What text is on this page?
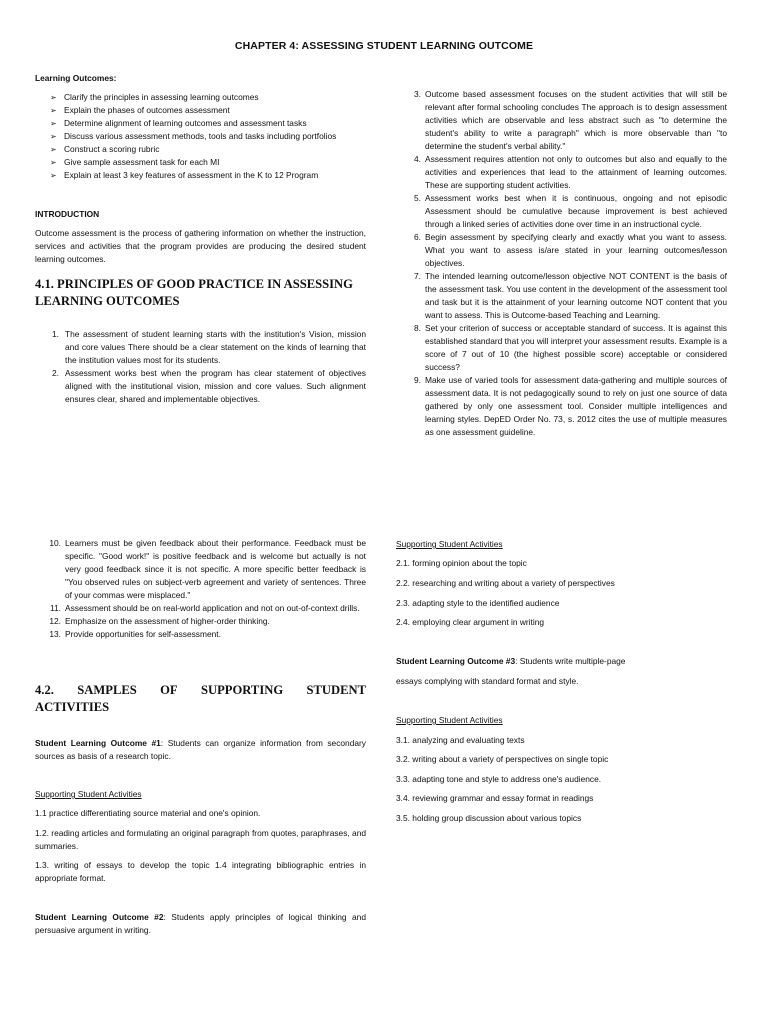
CHAPTER 4: ASSESSING STUDENT LEARNING OUTCOME
Learning Outcomes:
➢ Clarify the principles in assessing learning outcomes
➢ Explain the phases of outcomes assessment
➢ Determine alignment of learning outcomes and assessment tasks
➢ Discuss various assessment methods, tools and tasks including portfolios
➢ Construct a scoring rubric
➢ Give sample assessment task for each MI
➢ Explain at least 3 key features of assessment in the K to 12 Program
INTRODUCTION
Outcome assessment is the process of gathering information on whether the instruction, services and activities that the program provides are producing the desired student learning outcomes.
4.1. PRINCIPLES OF GOOD PRACTICE IN ASSESSING LEARNING OUTCOMES
1. The assessment of student learning starts with the institution's Vision, mission and core values There should be a clear statement on the kinds of learning that the institution values most for its students.
2. Assessment works best when the program has clear statement of objectives aligned with the institutional vision, mission and core values. Such alignment ensures clear, shared and implementable objectives.
3. Outcome based assessment focuses on the student activities that will still be relevant after formal schooling concludes The approach is to design assessment activities which are observable and less abstract such as "to determine the student's ability to write a paragraph" which is more observable than "to determine the student's verbal ability."
4. Assessment requires attention not only to outcomes but also and equally to the activities and experiences that lead to the attainment of learning outcomes. These are supporting student activities.
5. Assessment works best when it is continuous, ongoing and not episodic Assessment should be cumulative because improvement is best achieved through a linked series of activities done over time in an instructional cycle.
6. Begin assessment by specifying clearly and exactly what you want to assess. What you want to assess is/are stated in your learning outcomes/lesson objectives.
7. The intended learning outcome/lesson objective NOT CONTENT is the basis of the assessment task. You use content in the development of the assessment tool and task but it is the attainment of your learning outcome NOT content that you want to assess. This is Outcome-based Teaching and Learning.
8. Set your criterion of success or acceptable standard of success. It is against this established standard that you will interpret your assessment results. Example is a score of 7 out of 10 (the highest possible score) acceptable or considered success?
9. Make use of varied tools for assessment data-gathering and multiple sources of assessment data. It is not pedagogically sound to rely on just one source of data gathered by only one assessment tool. Consider multiple intelligences and learning styles. DepED Order No. 73, s. 2012 cites the use of multiple measures as one assessment guideline.
10. Learners must be given feedback about their performance. Feedback must be specific. "Good work!" is positive feedback and is welcome but actually is not very good feedback since it is not specific. A more specific better feedback is "You observed rules on subject-verb agreement and variety of sentences. Three of your commas were misplaced."
11. Assessment should be on real-world application and not on out-of-context drills.
12. Emphasize on the assessment of higher-order thinking.
13. Provide opportunities for self-assessment.
4.2. SAMPLES OF SUPPORTING STUDENT
ACTIVITIES
Student Learning Outcome #1: Students can organize information from secondary sources as basis of a research topic.
Supporting Student Activities
1.1 practice differentiating source material and one's opinion.
1.2. reading articles and formulating an original paragraph from quotes, paraphrases, and summaries.
1.3. writing of essays to develop the topic 1.4 integrating bibliographic entries in appropriate format.
Student Learning Outcome #2: Students apply principles of logical thinking and persuasive argument in writing.
Supporting Student Activities
2.1. forming opinion about the topic
2.2. researching and writing about a variety of perspectives
2.3. adapting style to the identified audience
2.4. employing clear argument in writing
Student Learning Outcome #3: Students write multiple-page
essays complying with standard format and style.
Supporting Student Activities
3.1. analyzing and evaluating texts
3.2. writing about a variety of perspectives on single topic
3.3. adapting tone and style to address one's audience.
3.4. reviewing grammar and essay format in readings
3.5. holding group discussion about various topics
